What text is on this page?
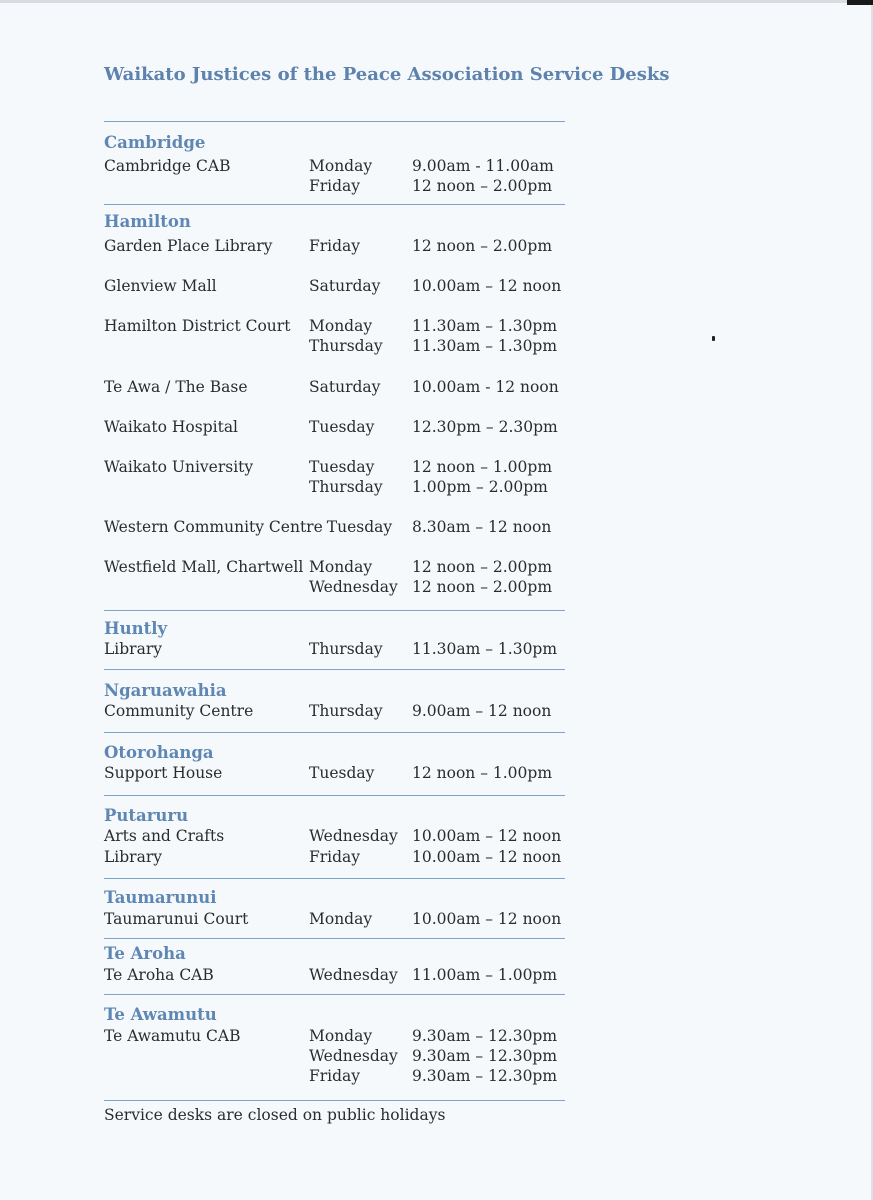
Waikato Justices of the Peace Association Service Desks
Cambridge
Cambridge CAB	Monday	9.00am - 11.00am
Friday	12 noon – 2.00pm
Hamilton
Garden Place Library Friday	12 noon – 2.00pm
Glenview Mall	Saturday 10.00am – 12 noon
Hamilton District Court Monday	11.30am – 1.30pm
Thursday 11.30am – 1.30pm
Te Awa / The Base	Saturday 10.00am - 12 noon
Waikato Hospital	Tuesday 12.30pm – 2.30pm
Waikato University	Tuesday 12 noon – 1.00pm
Thursday 1.00pm – 2.00pm
Western Community Centre Tuesday 8.30am – 12 noon
Westfield Mall, Chartwell Monday	12 noon – 2.00pm
Wednesday 12 noon – 2.00pm
Huntly
Library	Thursday 11.30am – 1.30pm
Ngaruawahia
Community Centre	Thursday 9.00am – 12 noon
Otorohanga
Support House	Tuesday 12 noon – 1.00pm
Putaruru
Arts and Crafts	Wednesday 10.00am – 12 noon
Library	Friday	10.00am – 12 noon
Taumarunui
Taumarunui Court	Monday	10.00am – 12 noon
Te Aroha
Te Aroha CAB	Wednesday 11.00am – 1.00pm
Te Awamutu
Te Awamutu CAB	Monday	9.30am – 12.30pm
Wednesday 9.30am – 12.30pm
Friday	9.30am – 12.30pm
Service desks are closed on public holidays
